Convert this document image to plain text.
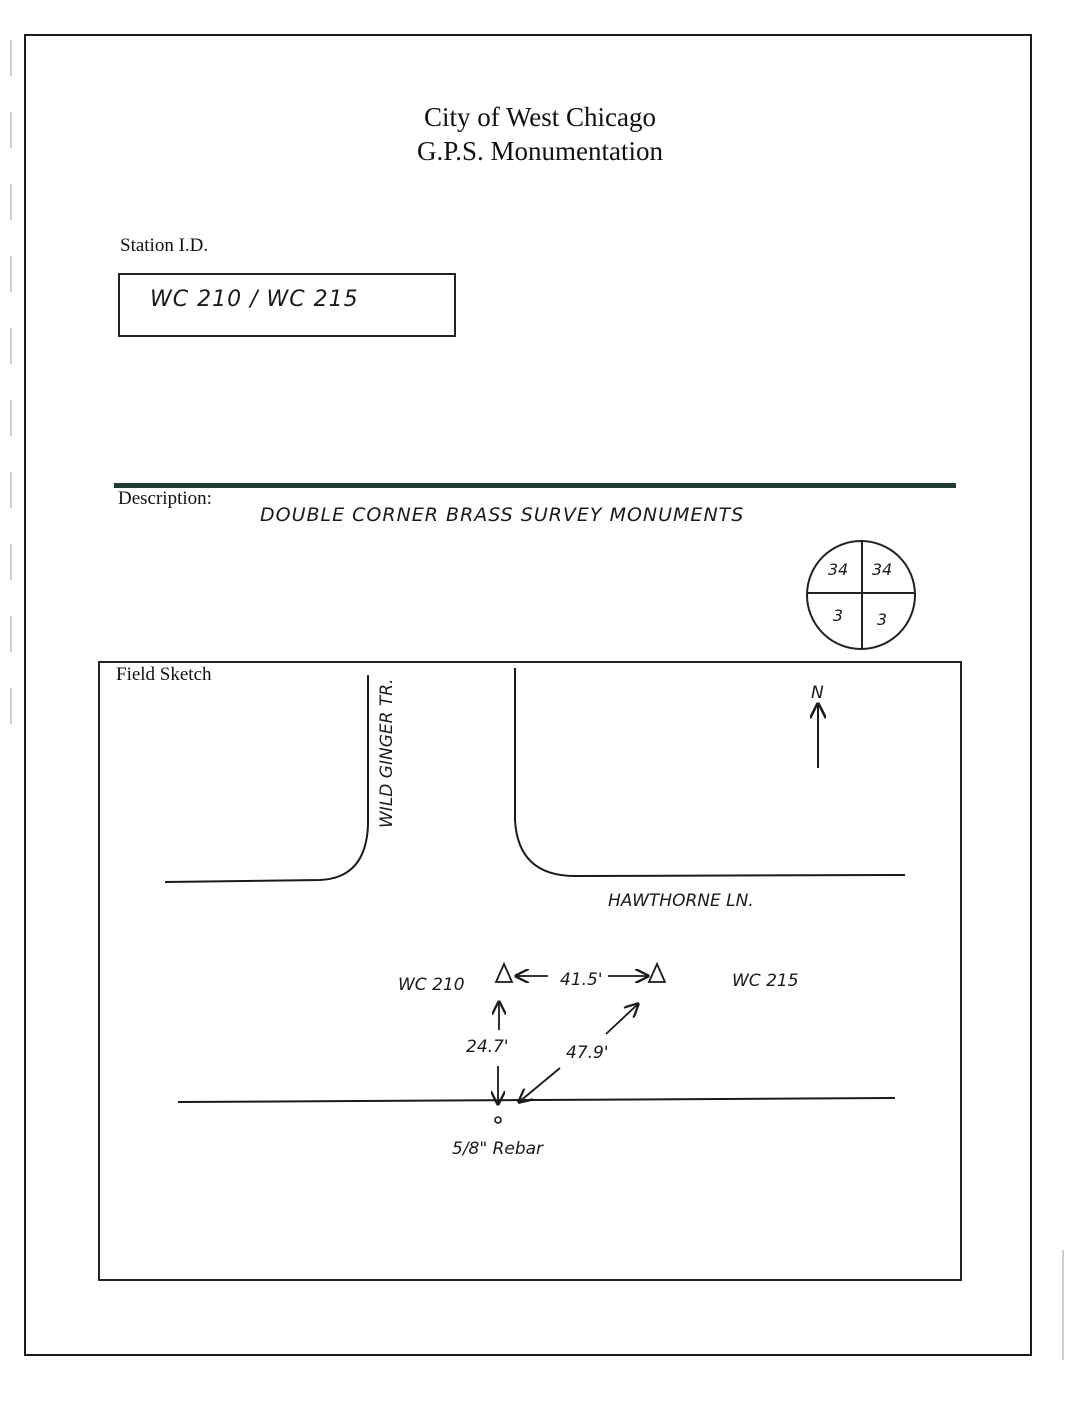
City of West Chicago
G.P.S. Monumentation
Station I.D.
WC 210 / WC 215
Description:
DOUBLE CORNER BRASS SURVEY MONUMENTS
34	34
3	3
Field Sketch
WILD GINGER TR.
HAWTHORNE LN.
N
WC 210	WC 215
41.5'
24.7'	47.9'
5/8" Rebar
